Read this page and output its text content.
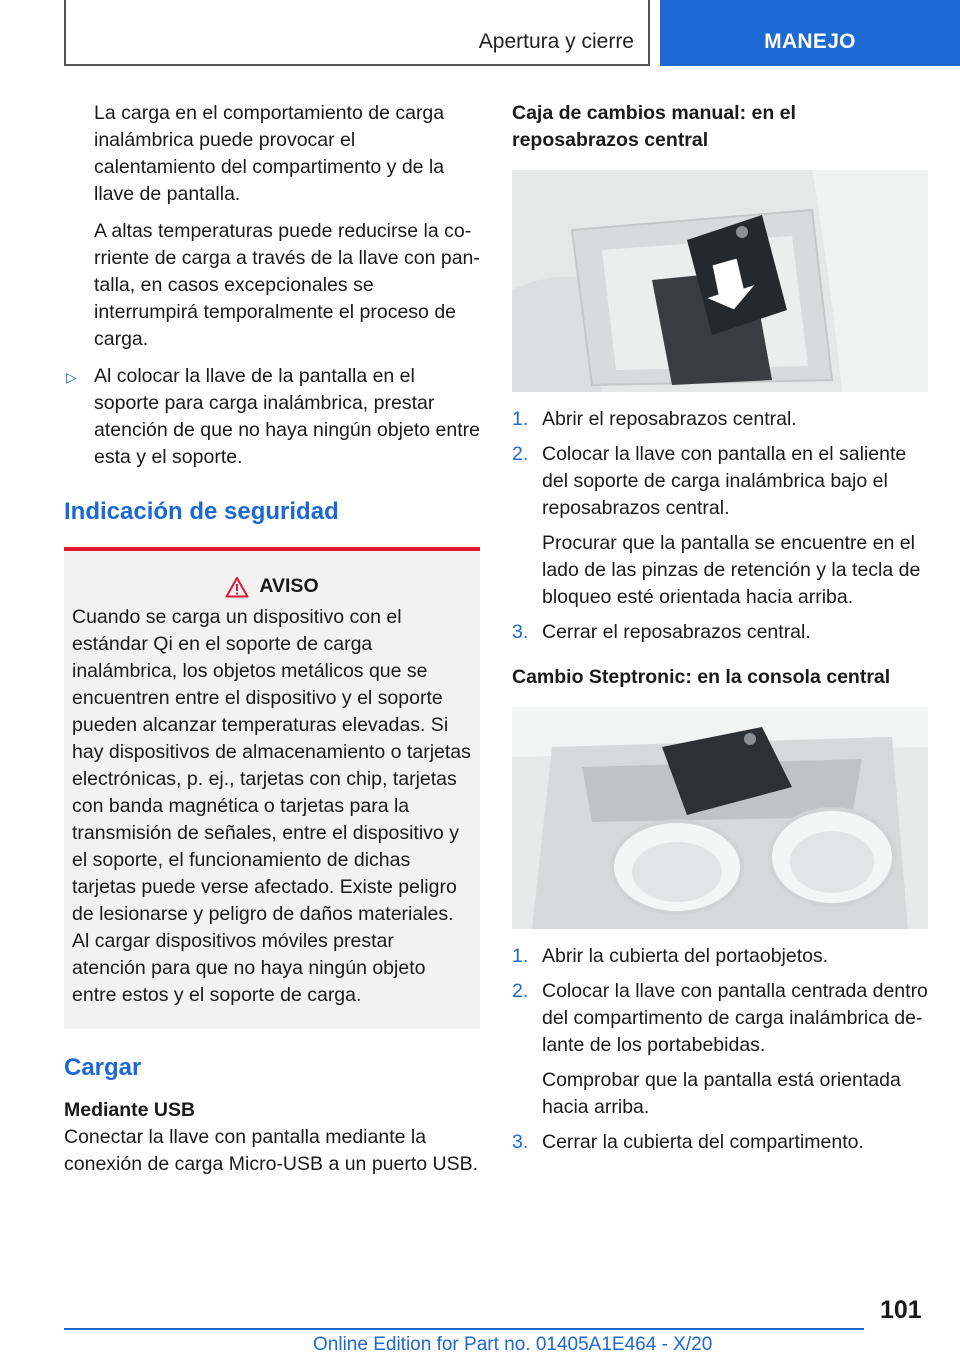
Apertura y cierre	MANEJO

La carga en el comportamiento de carga inalámbrica puede provocar el calentamiento del compartimento y de la llave de pantalla.

A altas temperaturas puede reducirse la corriente de carga a través de la llave con pantalla, en casos excepcionales se interrumpirá temporalmente el proceso de carga.

▷ Al colocar la llave de la pantalla en el soporte para carga inalámbrica, prestar atención de que no haya ningún objeto entre esta y el soporte.
Indicación de seguridad
AVISO

Cuando se carga un dispositivo con el estándar Qi en el soporte de carga inalámbrica, los objetos metálicos que se encuentren entre el dispositivo y el soporte pueden alcanzar temperaturas elevadas. Si hay dispositivos de almacenamiento o tarjetas electrónicas, p. ej., tarjetas con chip, tarjetas con banda magnética o tarjetas para la transmisión de señales, entre el dispositivo y el soporte, el funcionamiento de dichas tarjetas puede verse afectado. Existe peligro de lesionarse y peligro de daños materiales. Al cargar dispositivos móviles prestar atención para que no haya ningún objeto entre estos y el soporte de carga.

Cargar
Mediante USB

Conectar la llave con pantalla mediante la conexión de carga Micro-USB a un puerto USB.

Caja de cambios manual: en el reposabrazos central
1. Abrir el reposabrazos central.
2. Colocar la llave con pantalla en el saliente del soporte de carga inalámbrica bajo el reposabrazos central.

Procurar que la pantalla se encuentre en el lado de las pinzas de retención y la tecla de bloqueo esté orientada hacia arriba.

3. Cerrar el reposabrazos central.
Cambio Steptronic: en la consola central
1. Abrir la cubierta del portaobjetos.
2. Colocar la llave con pantalla centrada dentro del compartimento de carga inalámbrica delante de los portabebidas.

Comprobar que la pantalla está orientada hacia arriba.

3. Cerrar la cubierta del compartimento.
101
Online Edition for Part no. 01405A1E464 - X/20
